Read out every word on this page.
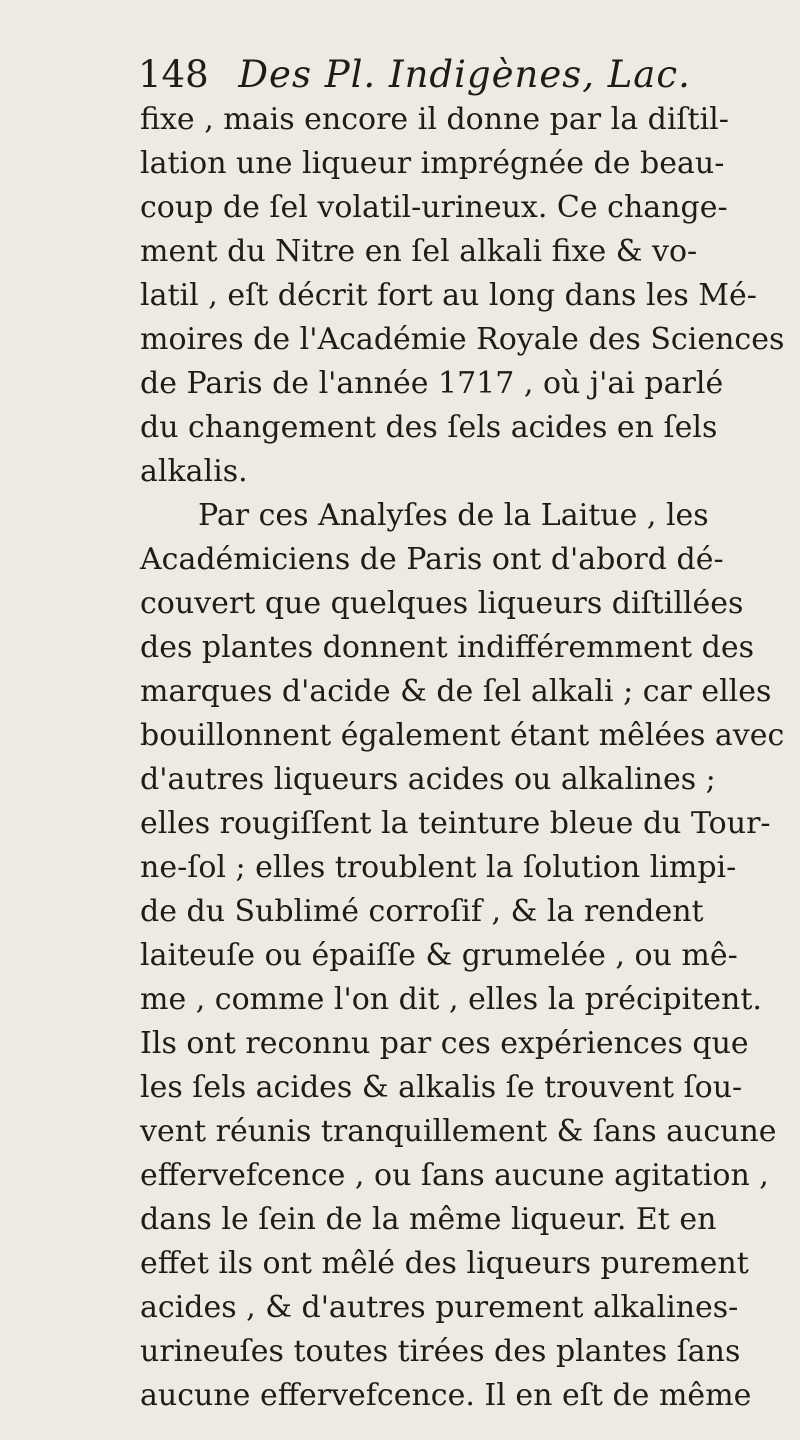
148 Des Pl. Indigènes, Lac.
fixe , mais encore il donne par la diſtil-
lation une liqueur imprégnée de beau-
coup de ſel volatil-urineux. Ce change-
ment du Nitre en ſel alkali fixe & vo-
latil , eſt décrit fort au long dans les Mé-
moires de l'Académie Royale des Sciences
de Paris de l'année 1717 , où j'ai parlé
du changement des ſels acides en ſels
alkalis.
Par ces Analyſes de la Laitue , les
Académiciens de Paris ont d'abord dé-
couvert que quelques liqueurs diſtillées
des plantes donnent indifféremment des
marques d'acide & de ſel alkali ; car elles
bouillonnent également étant mêlées avec
d'autres liqueurs acides ou alkalines ;
elles rougiſſent la teinture bleue du Tour-
ne-ſol ; elles troublent la ſolution limpi-
de du Sublimé corroſif , & la rendent
laiteuſe ou épaiſſe & grumelée , ou mê-
me , comme l'on dit , elles la précipitent.
Ils ont reconnu par ces expériences que
les ſels acides & alkalis ſe trouvent ſou-
vent réunis tranquillement & ſans aucune
effervefcence , ou ſans aucune agitation ,
dans le ſein de la même liqueur. Et en
effet ils ont mêlé des liqueurs purement
acides , & d'autres purement alkalines-
urineuſes toutes tirées des plantes ſans
aucune effervefcence. Il en eſt de même
